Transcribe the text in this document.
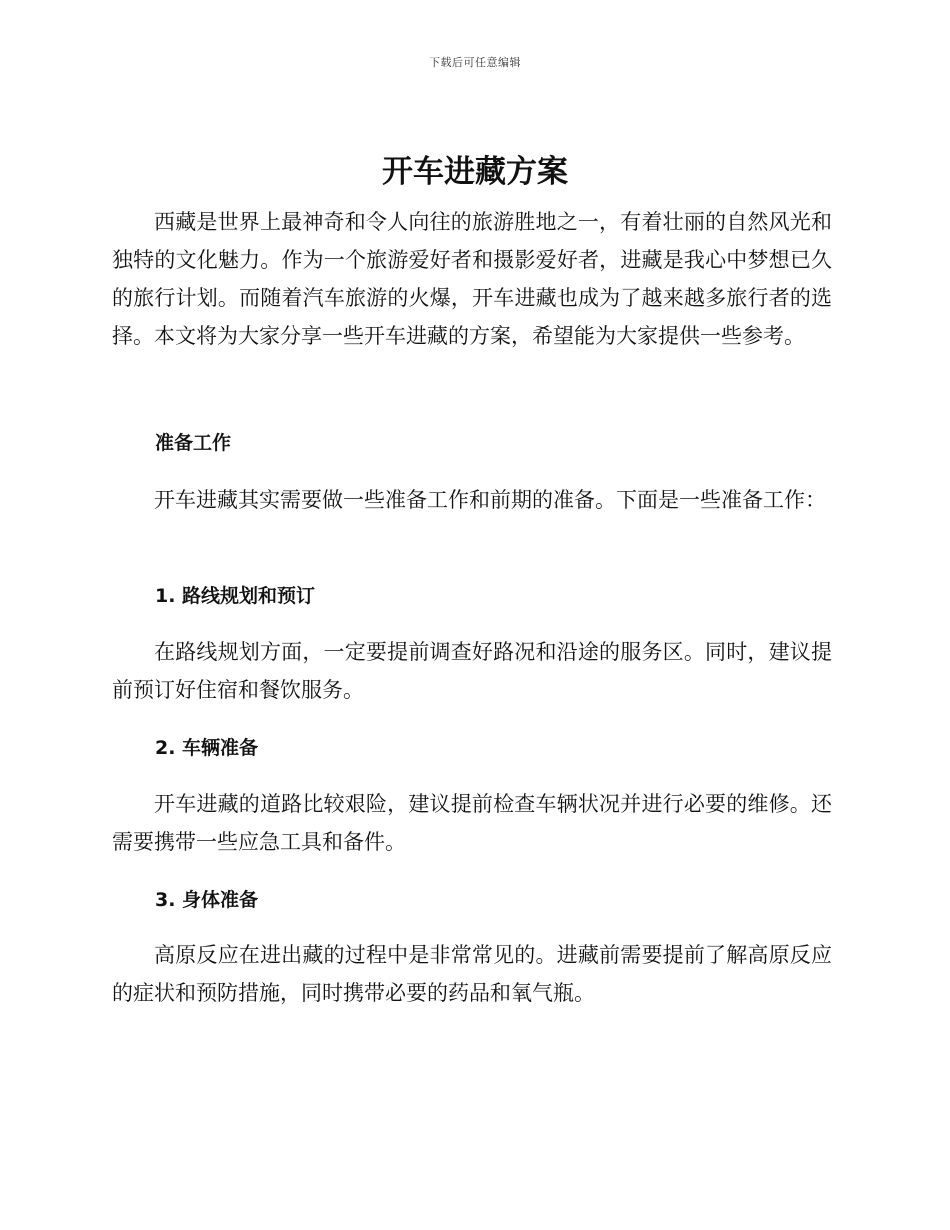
下载后可任意编辑
开车进藏方案

西藏是世界上最神奇和令人向往的旅游胜地之一，有着壮丽的自然风光和独特的文化魅力。作为一个旅游爱好者和摄影爱好者，进藏是我心中梦想已久的旅行计划。而随着汽车旅游的火爆，开车进藏也成为了越来越多旅行者的选择。本文将为大家分享一些开车进藏的方案，希望能为大家提供一些参考。

准备工作

开车进藏其实需要做一些准备工作和前期的准备。下面是一些准备工作：

1. 路线规划和预订

在路线规划方面，一定要提前调查好路况和沿途的服务区。同时，建议提前预订好住宿和餐饮服务。

2. 车辆准备

开车进藏的道路比较艰险，建议提前检查车辆状况并进行必要的维修。还需要携带一些应急工具和备件。

3. 身体准备

高原反应在进出藏的过程中是非常常见的。进藏前需要提前了解高原反应的症状和预防措施，同时携带必要的药品和氧气瓶。
